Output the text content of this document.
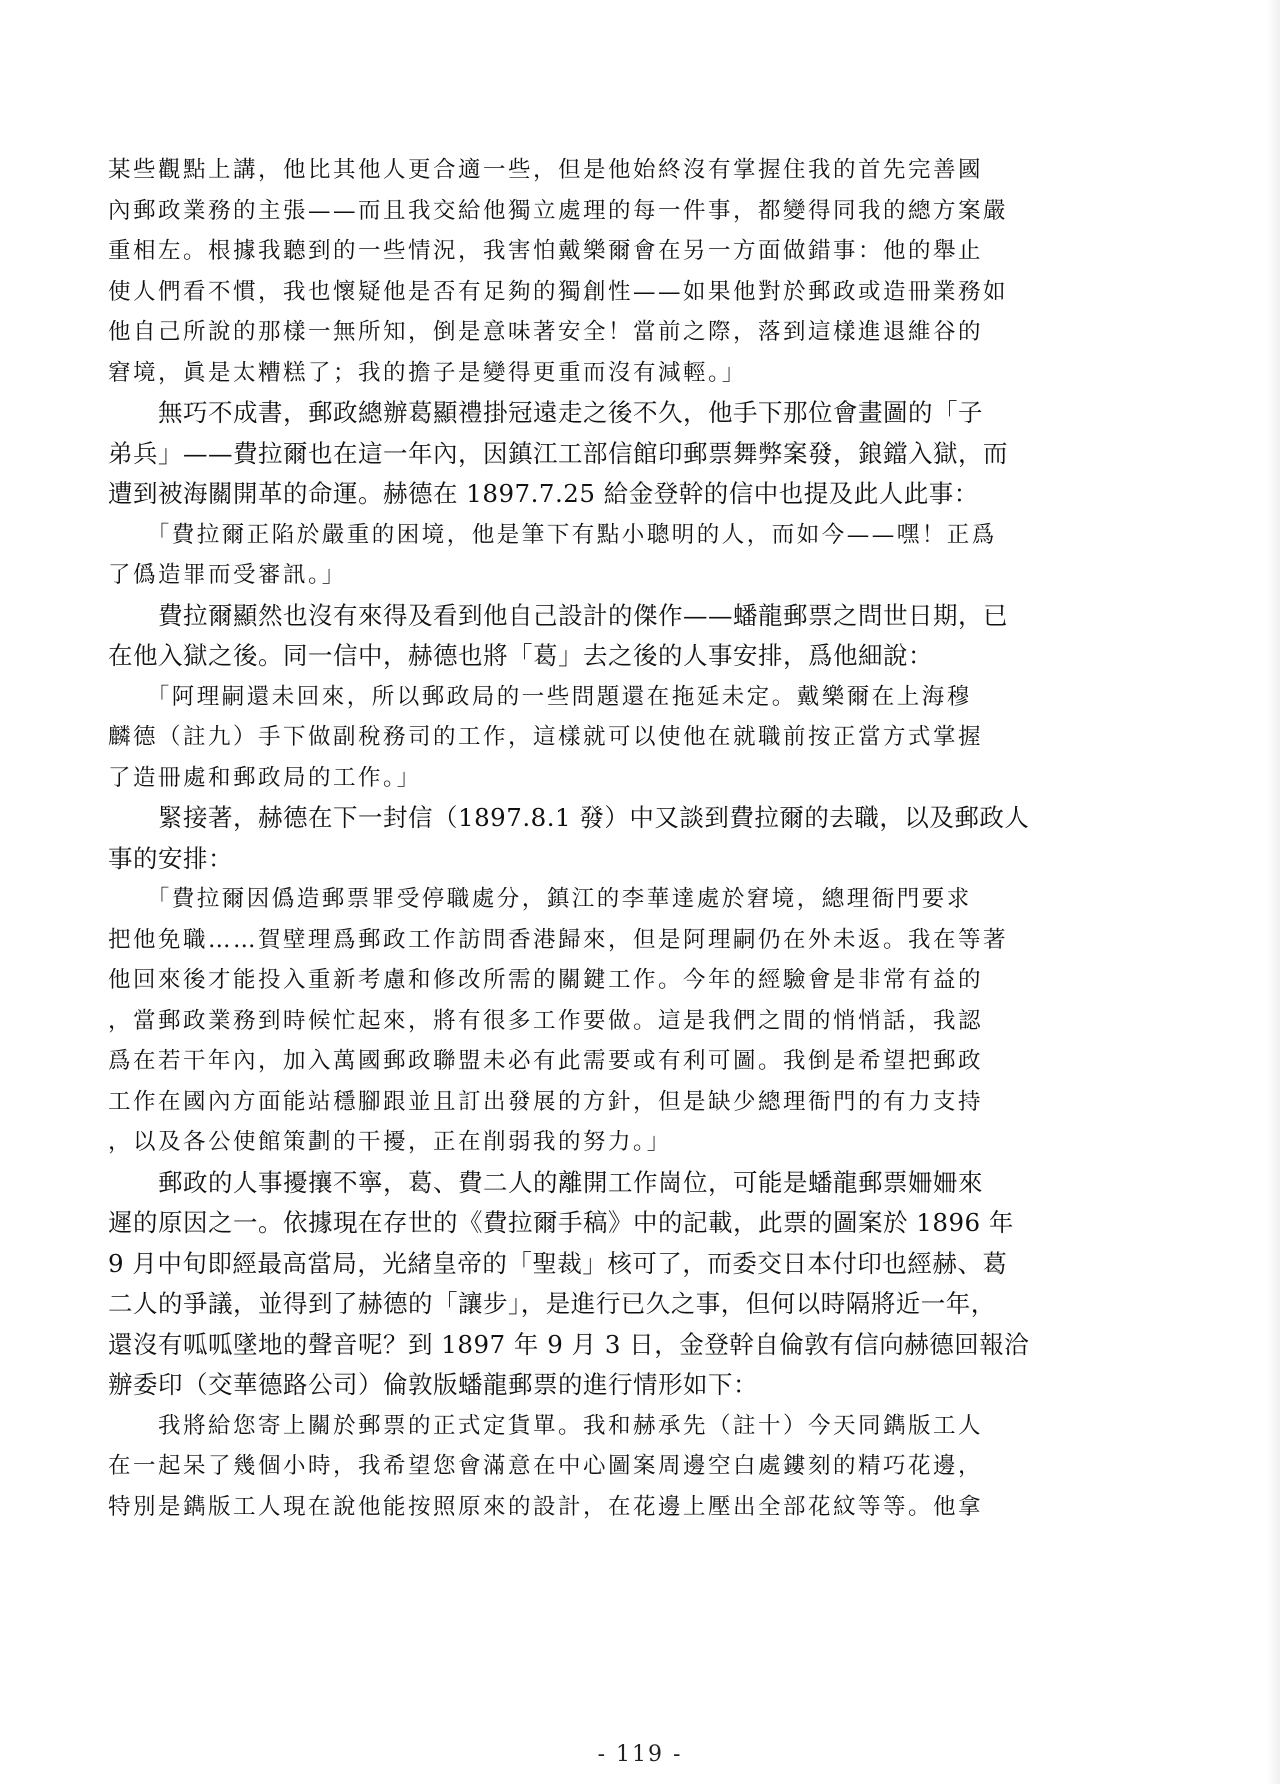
某些觀點上講，他比其他人更合適一些，但是他始終沒有掌握住我的首先完善國
內郵政業務的主張——而且我交給他獨立處理的每一件事，都變得同我的總方案嚴
重相左。根據我聽到的一些情況，我害怕戴樂爾會在另一方面做錯事：他的舉止
使人們看不慣，我也懷疑他是否有足夠的獨創性——如果他對於郵政或造冊業務如
他自己所說的那樣一無所知，倒是意味著安全！當前之際，落到這樣進退維谷的
窘境，眞是太糟糕了；我的擔子是變得更重而沒有減輕。」
　　無巧不成書，郵政總辦葛顯禮掛冠遠走之後不久，他手下那位會畫圖的「子
弟兵」——費拉爾也在這一年內，因鎮江工部信館印郵票舞弊案發，鋃鐺入獄，而
遭到被海關開革的命運。赫德在 1897.7.25 給金登幹的信中也提及此人此事：
　　「費拉爾正陷於嚴重的困境，他是筆下有點小聰明的人，而如今——嘿！正爲
了僞造罪而受審訊。」
　　費拉爾顯然也沒有來得及看到他自己設計的傑作——蟠龍郵票之問世日期，已
在他入獄之後。同一信中，赫德也將「葛」去之後的人事安排，爲他細說：
　　「阿理嗣還未回來，所以郵政局的一些問題還在拖延未定。戴樂爾在上海穆
麟德（註九）手下做副稅務司的工作，這樣就可以使他在就職前按正當方式掌握
了造冊處和郵政局的工作。」
　　緊接著，赫德在下一封信（1897.8.1 發）中又談到費拉爾的去職，以及郵政人
事的安排：
　　「費拉爾因僞造郵票罪受停職處分，鎮江的李華達處於窘境，總理衙門要求
把他免職……賀壁理爲郵政工作訪問香港歸來，但是阿理嗣仍在外未返。我在等著
他回來後才能投入重新考慮和修改所需的關鍵工作。今年的經驗會是非常有益的
，當郵政業務到時候忙起來，將有很多工作要做。這是我們之間的悄悄話，我認
爲在若干年內，加入萬國郵政聯盟未必有此需要或有利可圖。我倒是希望把郵政
工作在國內方面能站穩腳跟並且訂出發展的方針，但是缺少總理衙門的有力支持
，以及各公使館策劃的干擾，正在削弱我的努力。」
　　郵政的人事擾攘不寧，葛、費二人的離開工作崗位，可能是蟠龍郵票姍姍來
遲的原因之一。依據現在存世的《費拉爾手稿》中的記載，此票的圖案於 1896 年
9 月中旬即經最高當局，光緒皇帝的「聖裁」核可了，而委交日本付印也經赫、葛
二人的爭議，並得到了赫德的「讓步」，是進行已久之事，但何以時隔將近一年，
還沒有呱呱墜地的聲音呢？到 1897 年 9 月 3 日，金登幹自倫敦有信向赫德回報洽
辦委印（交華德路公司）倫敦版蟠龍郵票的進行情形如下：
　　我將給您寄上關於郵票的正式定貨單。我和赫承先（註十）今天同鐫版工人
在一起呆了幾個小時，我希望您會滿意在中心圖案周邊空白處鏤刻的精巧花邊，
特別是鐫版工人現在說他能按照原來的設計，在花邊上壓出全部花紋等等。他拿
- 119 -
